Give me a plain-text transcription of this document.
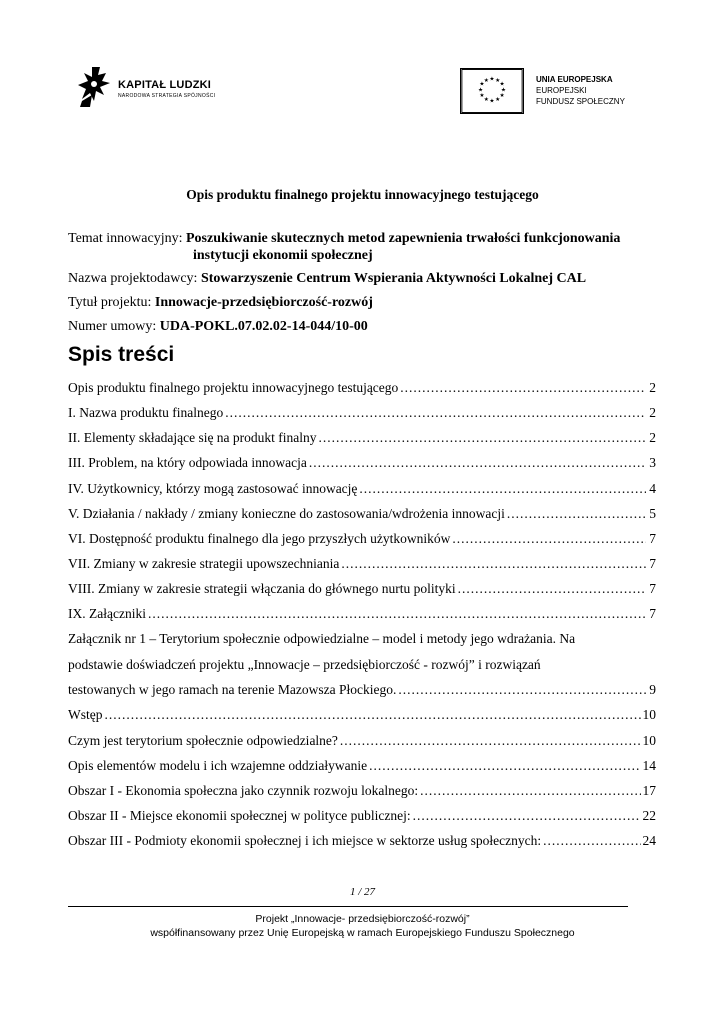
KAPITAŁ LUDZKI
NARODOWA STRATEGIA SPÓJNOŚCI
★ ★
★
★
★
★
★
★
★
★
★
★	UNIA EUROPEJSKA
EUROPEJSKI
FUNDUSZ SPOŁECZNY
Opis produktu finalnego projektu innowacyjnego testującego
Temat innowacyjny: Poszukiwanie skutecznych metod zapewnienia trwałości funkcjonowania
instytucji ekonomii społecznej
Nazwa projektodawcy: Stowarzyszenie Centrum Wspierania Aktywności Lokalnej CAL
Tytuł projektu: Innowacje-przedsiębiorczość-rozwój
Numer umowy: UDA-POKL.07.02.02-14-044/10-00
Spis treści
Opis produktu finalnego projektu innowacyjnego testującego .....	2
I. Nazwa produktu finalnego .....	2
II. Elementy składające się na produkt finalny .....	2
III. Problem, na który odpowiada innowacja .....	3
IV. Użytkownicy, którzy mogą zastosować innowację .....	4
V. Działania / nakłady / zmiany konieczne do zastosowania/wdrożenia innowacji .....	5
VI. Dostępność produktu finalnego dla jego przyszłych użytkowników .....	7
VII. Zmiany w zakresie strategii upowszechniania .....	7
VIII. Zmiany w zakresie strategii włączania do głównego nurtu polityki .....	7
IX. Załączniki .....	7
Załącznik nr 1 – Terytorium społecznie odpowiedzialne – model i metody jego wdrażania. Na
podstawie doświadczeń projektu „Innowacje – przedsiębiorczość - rozwój” i rozwiązań
testowanych w jego ramach na terenie Mazowsza Płockiego. .....	9
Wstęp .....	10
Czym jest terytorium społecznie odpowiedzialne? .....	10
Opis elementów modelu i ich wzajemne oddziaływanie .....	14
Obszar I - Ekonomia społeczna jako czynnik rozwoju lokalnego: .....	17
Obszar II - Miejsce ekonomii społecznej w polityce publicznej: .....	22
Obszar III - Podmioty ekonomii społecznej i ich miejsce w sektorze usług społecznych: .....	24
1 / 27
Projekt „Innowacje- przedsiębiorczość-rozwój”
współfinansowany przez Unię Europejską w ramach Europejskiego Funduszu Społecznego
